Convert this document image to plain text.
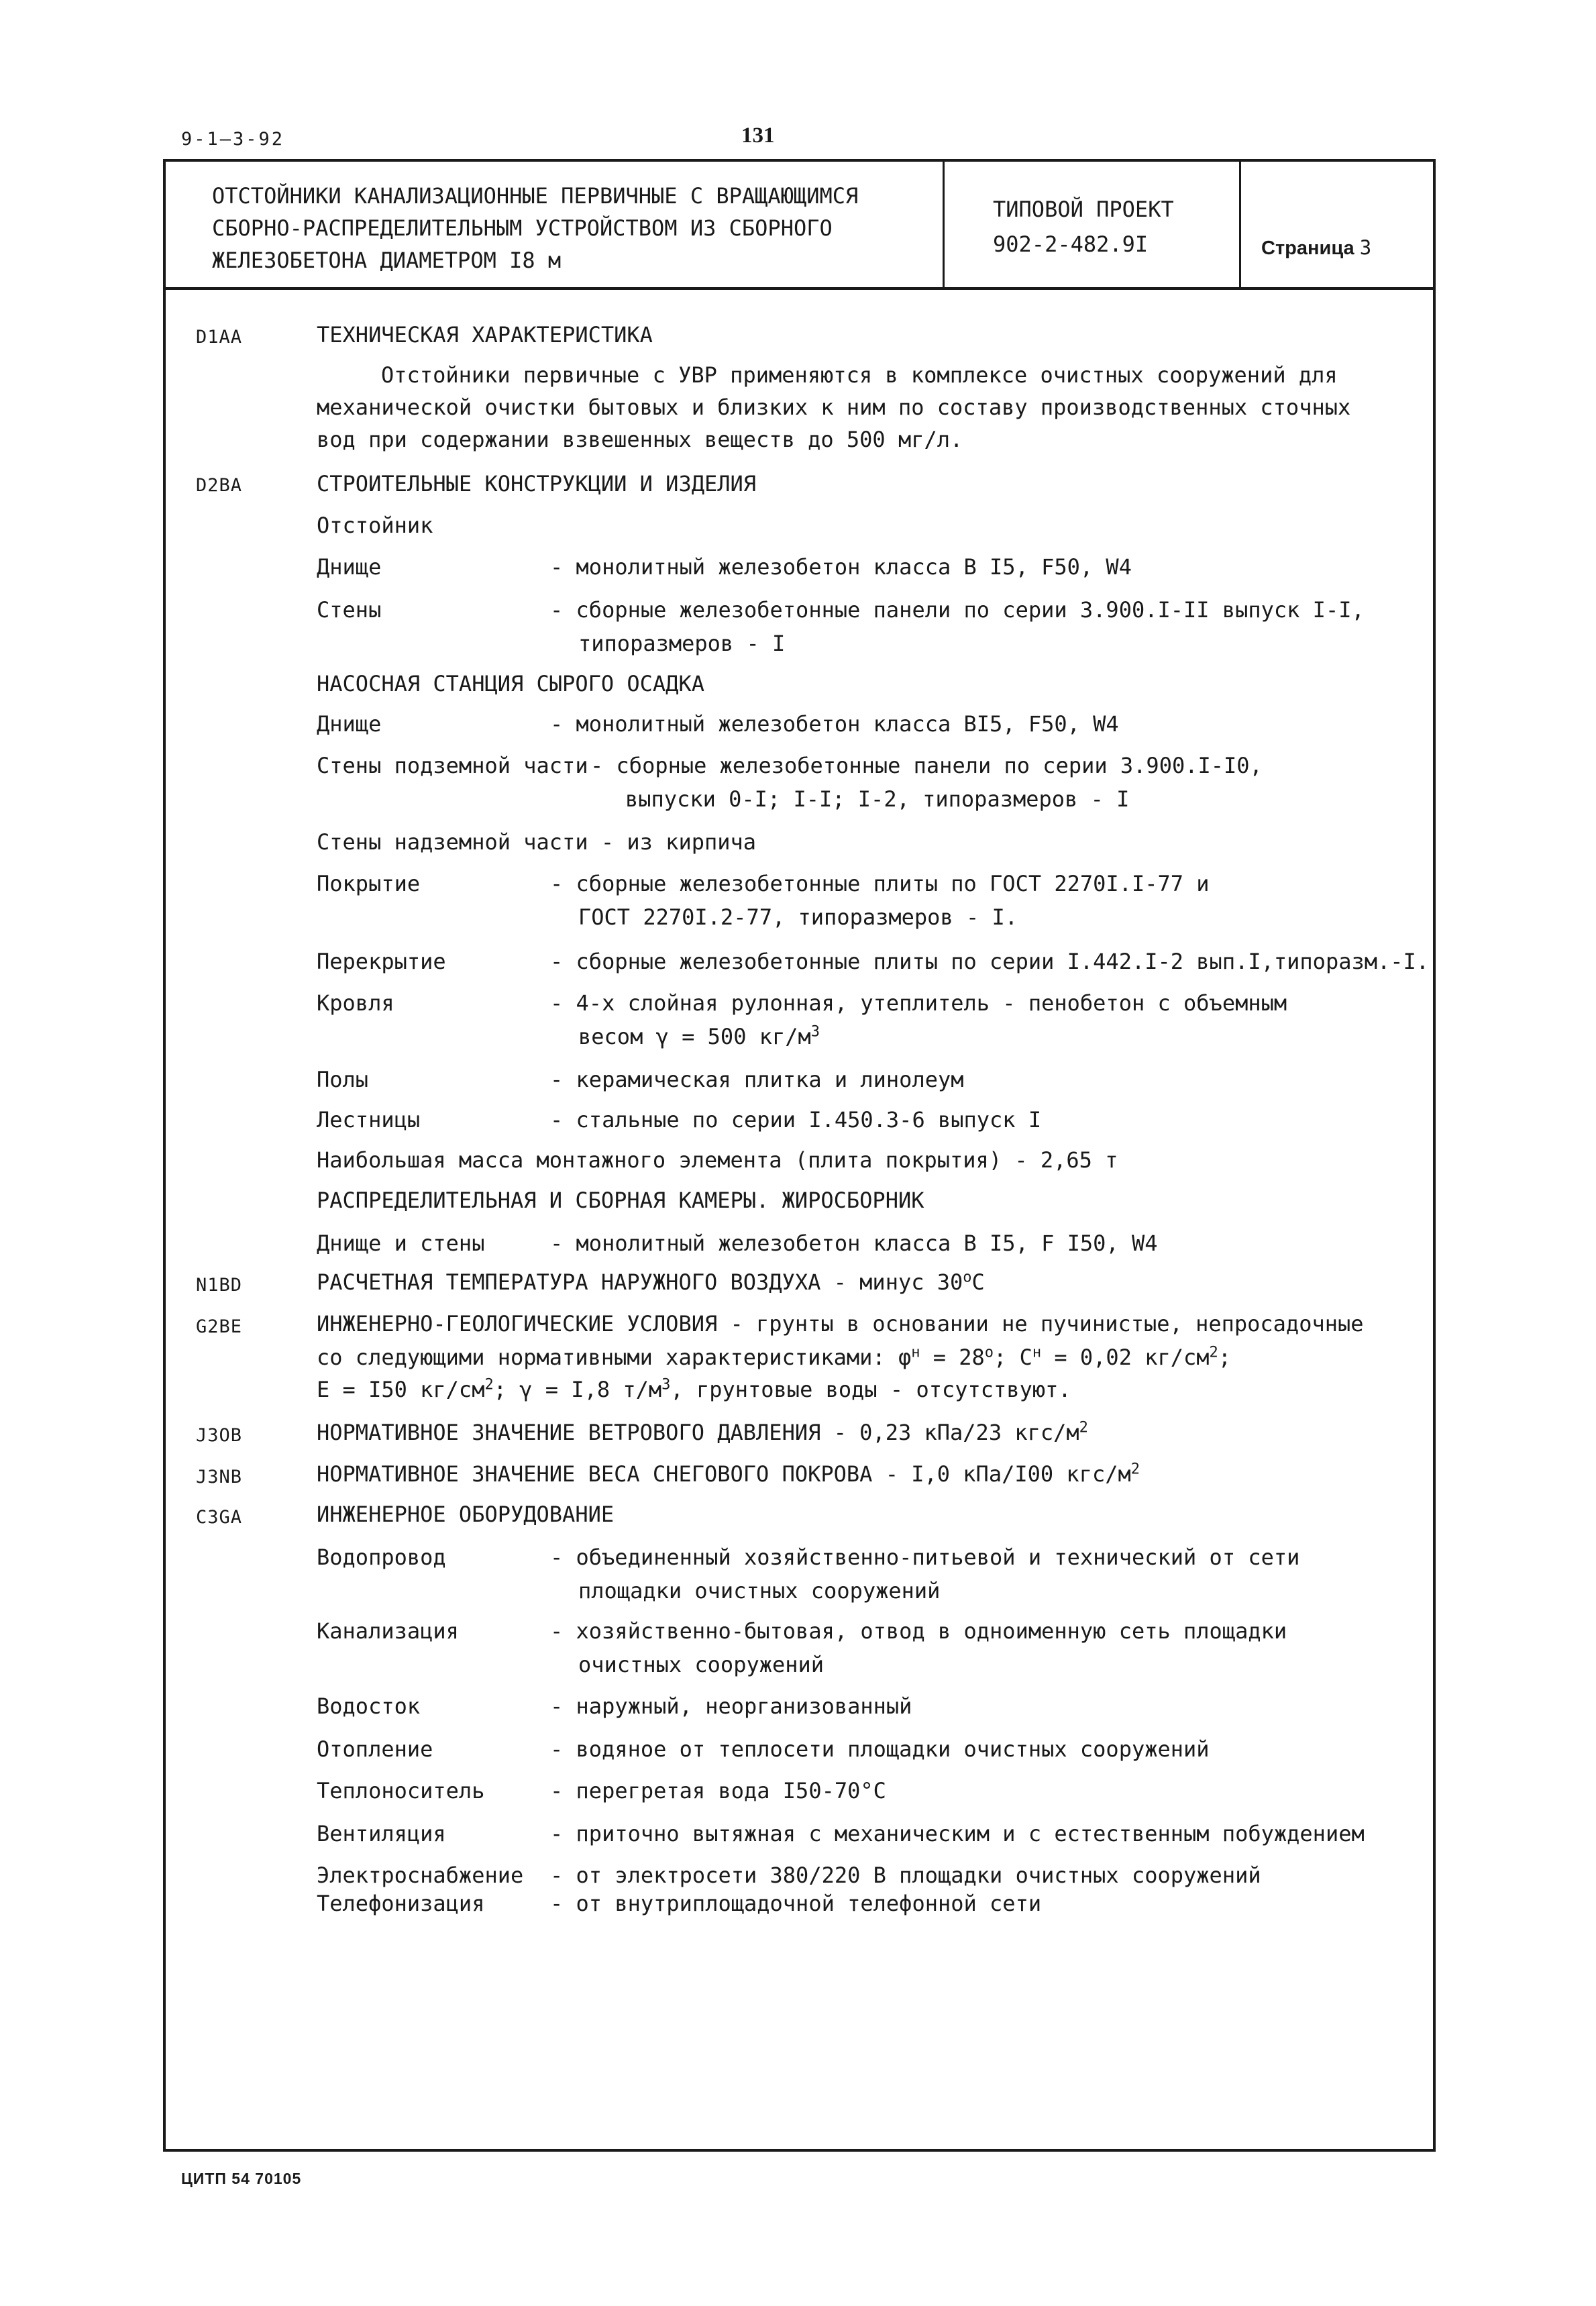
9-1—3-92	131
ОТСТОЙНИКИ КАНАЛИЗАЦИОННЫЕ ПЕРВИЧНЫЕ С ВРАЩАЮЩИМСЯ
СБОРНО-РАСПРЕДЕЛИТЕЛЬНЫМ УСТРОЙСТВОМ ИЗ СБОРНОГО
ЖЕЛЕЗОБЕТОНА ДИАМЕТРОМ I8 м
ТИПОВОЙ ПРОЕКТ
902-2-482.9I	Страница 3
D1AA	ТЕХНИЧЕСКАЯ ХАРАКТЕРИСТИКА
Отстойники первичные с УВР применяются в комплексе очистных сооружений для
механической очистки бытовых и близких к ним по составу производственных сточных
вод при содержании взвешенных веществ до 500 мг/л.
D2BA	СТРОИТЕЛЬНЫЕ КОНСТРУКЦИИ И ИЗДЕЛИЯ
Отстойник
Днище	- монолитный железобетон класса В I5, F50, W4
Стены	- сборные железобетонные панели по серии 3.900.I-II выпуск I-I,
типоразмеров - I
НАСОСНАЯ СТАНЦИЯ СЫРОГО ОСАДКА
Днище	- монолитный железобетон класса BI5, F50, W4
Стены подземной части - сборные железобетонные панели по серии 3.900.I-I0,
выпуски 0-I; I-I; I-2, типоразмеров - I
Стены надземной части - из кирпича
Покрытие	- сборные железобетонные плиты по ГОСТ 2270I.I-77 и
ГОСТ 2270I.2-77, типоразмеров - I.
Перекрытие	- сборные железобетонные плиты по серии I.442.I-2 вып.I,типоразм.-I.
Кровля	- 4-х слойная рулонная, утеплитель - пенобетон с объемным
весом γ = 500 $кг/м^3$
Полы	- керамическая плитка и линолеум
Лестницы	- стальные по серии I.450.3-6 выпуск I
Наибольшая масса монтажного элемента (плита покрытия) - 2,65 т
РАСПРЕДЕЛИТЕЛЬНАЯ И СБОРНАЯ КАМЕРЫ. ЖИРОСБОРНИК
Днище и стены	- монолитный железобетон класса В I5, F I50, W4
N1BD	РАСЧЕТНАЯ ТЕМПЕРАТУРА НАРУЖНОГО ВОЗДУХА - минус $30^оС$
G2BE	ИНЖЕНЕРНО-ГЕОЛОГИЧЕСКИЕ УСЛОВИЯ - грунты в основании не пучинистые, непросадочные
со следующими нормативными характеристиками: $\varphi^н = 28^о$; $С^н = 0,02$ $кг/см^2$;
Е = I50 $кг/см^2$; γ = I,8 $т/м^3$, грунтовые воды - отсутствуют.
J3OB	НОРМАТИВНОЕ ЗНАЧЕНИЕ ВЕТРОВОГО ДАВЛЕНИЯ - 0,23 кПа/23 кгс/$м^2$
J3NB	НОРМАТИВНОЕ ЗНАЧЕНИЕ ВЕСА СНЕГОВОГО ПОКРОВА - I,0 кПа/I00 кгс/$м^2$
C3GA	ИНЖЕНЕРНОЕ ОБОРУДОВАНИЕ
Водопровод	- объединенный хозяйственно-питьевой и технический от сети
площадки очистных сооружений
Канализация	- хозяйственно-бытовая, отвод в одноименную сеть площадки
очистных сооружений
Водосток	- наружный, неорганизованный
Отопление	- водяное от теплосети площадки очистных сооружений
Теплоноситель	- перегретая вода I50-70°С
Вентиляция	- приточно вытяжная с механическим и с естественным побуждением
Электроснабжение - от электросети 380/220 В площадки очистных сооружений
Телефонизация	- от внутриплощадочной телефонной сети
ЦИТП 54 70105
